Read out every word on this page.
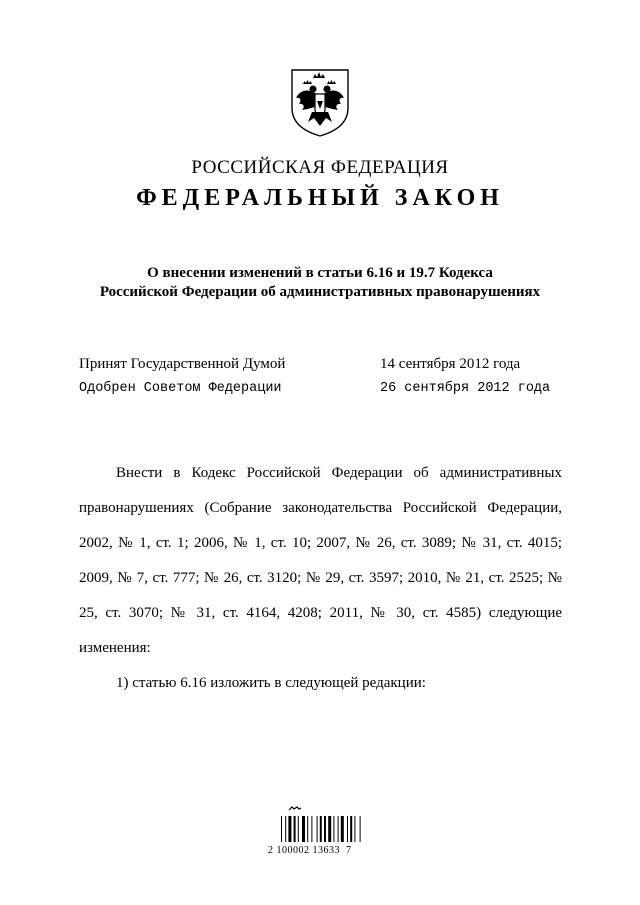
РОССИЙСКАЯ ФЕДЕРАЦИЯ
ФЕДЕРАЛЬНЫЙ ЗАКОН
О внесении изменений в статьи 6.16 и 19.7 Кодекса
Российской Федерации об административных правонарушениях
Принят Государственной Думой	14 сентября 2012 года
Одобрен Советом Федерации	26 сентября 2012 года

Внести в Кодекс Российской Федерации об административных правонарушениях (Собрание законодательства Российской Федерации, 2002, № 1, ст. 1; 2006, № 1, ст. 10; 2007, № 26, ст. 3089; № 31, ст. 4015; 2009, № 7, ст. 777; № 26, ст. 3120; № 29, ст. 3597; 2010, № 21, ст. 2525; № 25, ст. 3070; № 31, ст. 4164, 4208; 2011, № 30, ст. 4585) следующие изменения:

1) статью 6.16 изложить в следующей редакции:

2 100002 13633  7
